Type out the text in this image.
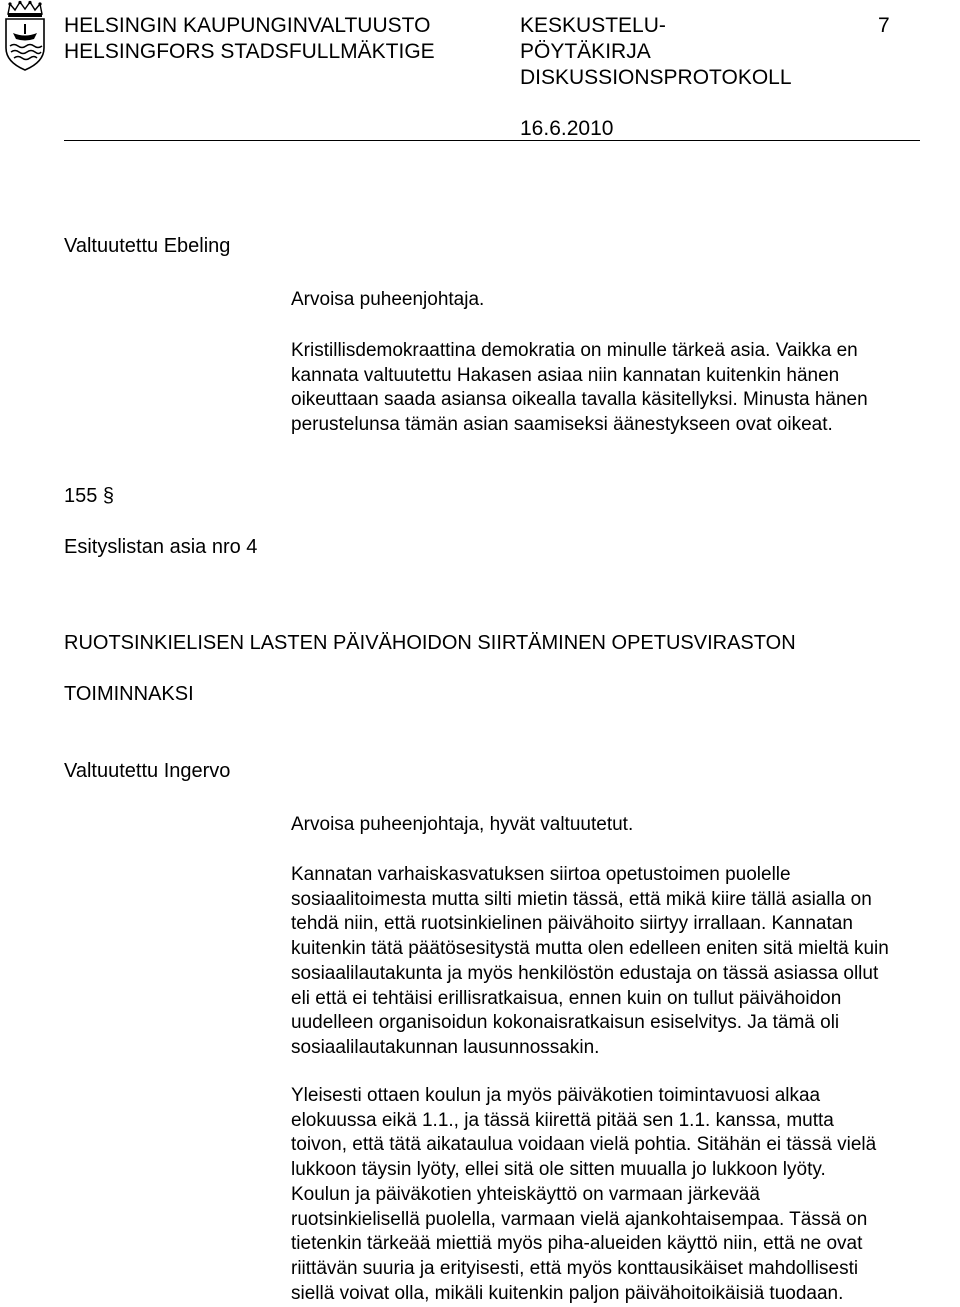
HELSINGIN KAUPUNGINVALTUUSTO
HELSINGFORS STADSFULLMÄKTIGE
KESKUSTELU-
PÖYTÄKIRJA
DISKUSSIONSPROTOKOLL
7
16.6.2010
Valtuutettu Ebeling
Arvoisa puheenjohtaja.
Kristillisdemokraattina demokratia on minulle tärkeä asia. Vaikka en
kannata valtuutettu Hakasen asiaa niin kannatan kuitenkin hänen
oikeuttaan saada asiansa oikealla tavalla käsitellyksi. Minusta hänen
perustelunsa tämän asian saamiseksi äänestykseen ovat oikeat.
155 §
Esityslistan asia nro 4
RUOTSINKIELISEN LASTEN PÄIVÄHOIDON SIIRTÄMINEN OPETUSVIRASTON
TOIMINNAKSI
Valtuutettu Ingervo
Arvoisa puheenjohtaja, hyvät valtuutetut.
Kannatan varhaiskasvatuksen siirtoa opetustoimen puolelle
sosiaalitoimesta mutta silti mietin tässä, että mikä kiire tällä asialla on
tehdä niin, että ruotsinkielinen päivähoito siirtyy irrallaan. Kannatan
kuitenkin tätä päätösesitystä mutta olen edelleen eniten sitä mieltä kuin
sosiaalilautakunta ja myös henkilöstön edustaja on tässä asiassa ollut
eli että ei tehtäisi erillisratkaisua, ennen kuin on tullut päivähoidon
uudelleen organisoidun kokonaisratkaisun esiselvitys. Ja tämä oli
sosiaalilautakunnan lausunnossakin.
Yleisesti ottaen koulun ja myös päiväkotien toimintavuosi alkaa
elokuussa eikä 1.1., ja tässä kiirettä pitää sen 1.1. kanssa, mutta
toivon, että tätä aikataulua voidaan vielä pohtia. Sitähän ei tässä vielä
lukkoon täysin lyöty, ellei sitä ole sitten muualla jo lukkoon lyöty.
Koulun ja päiväkotien yhteiskäyttö on varmaan järkevää
ruotsinkielisellä puolella, varmaan vielä ajankohtaisempaa. Tässä on
tietenkin tärkeää miettiä myös piha-alueiden käyttö niin, että ne ovat
riittävän suuria ja erityisesti, että myös konttausikäiset mahdollisesti
siellä voivat olla, mikäli kuitenkin paljon päivähoitoikäisiä tuodaan.
